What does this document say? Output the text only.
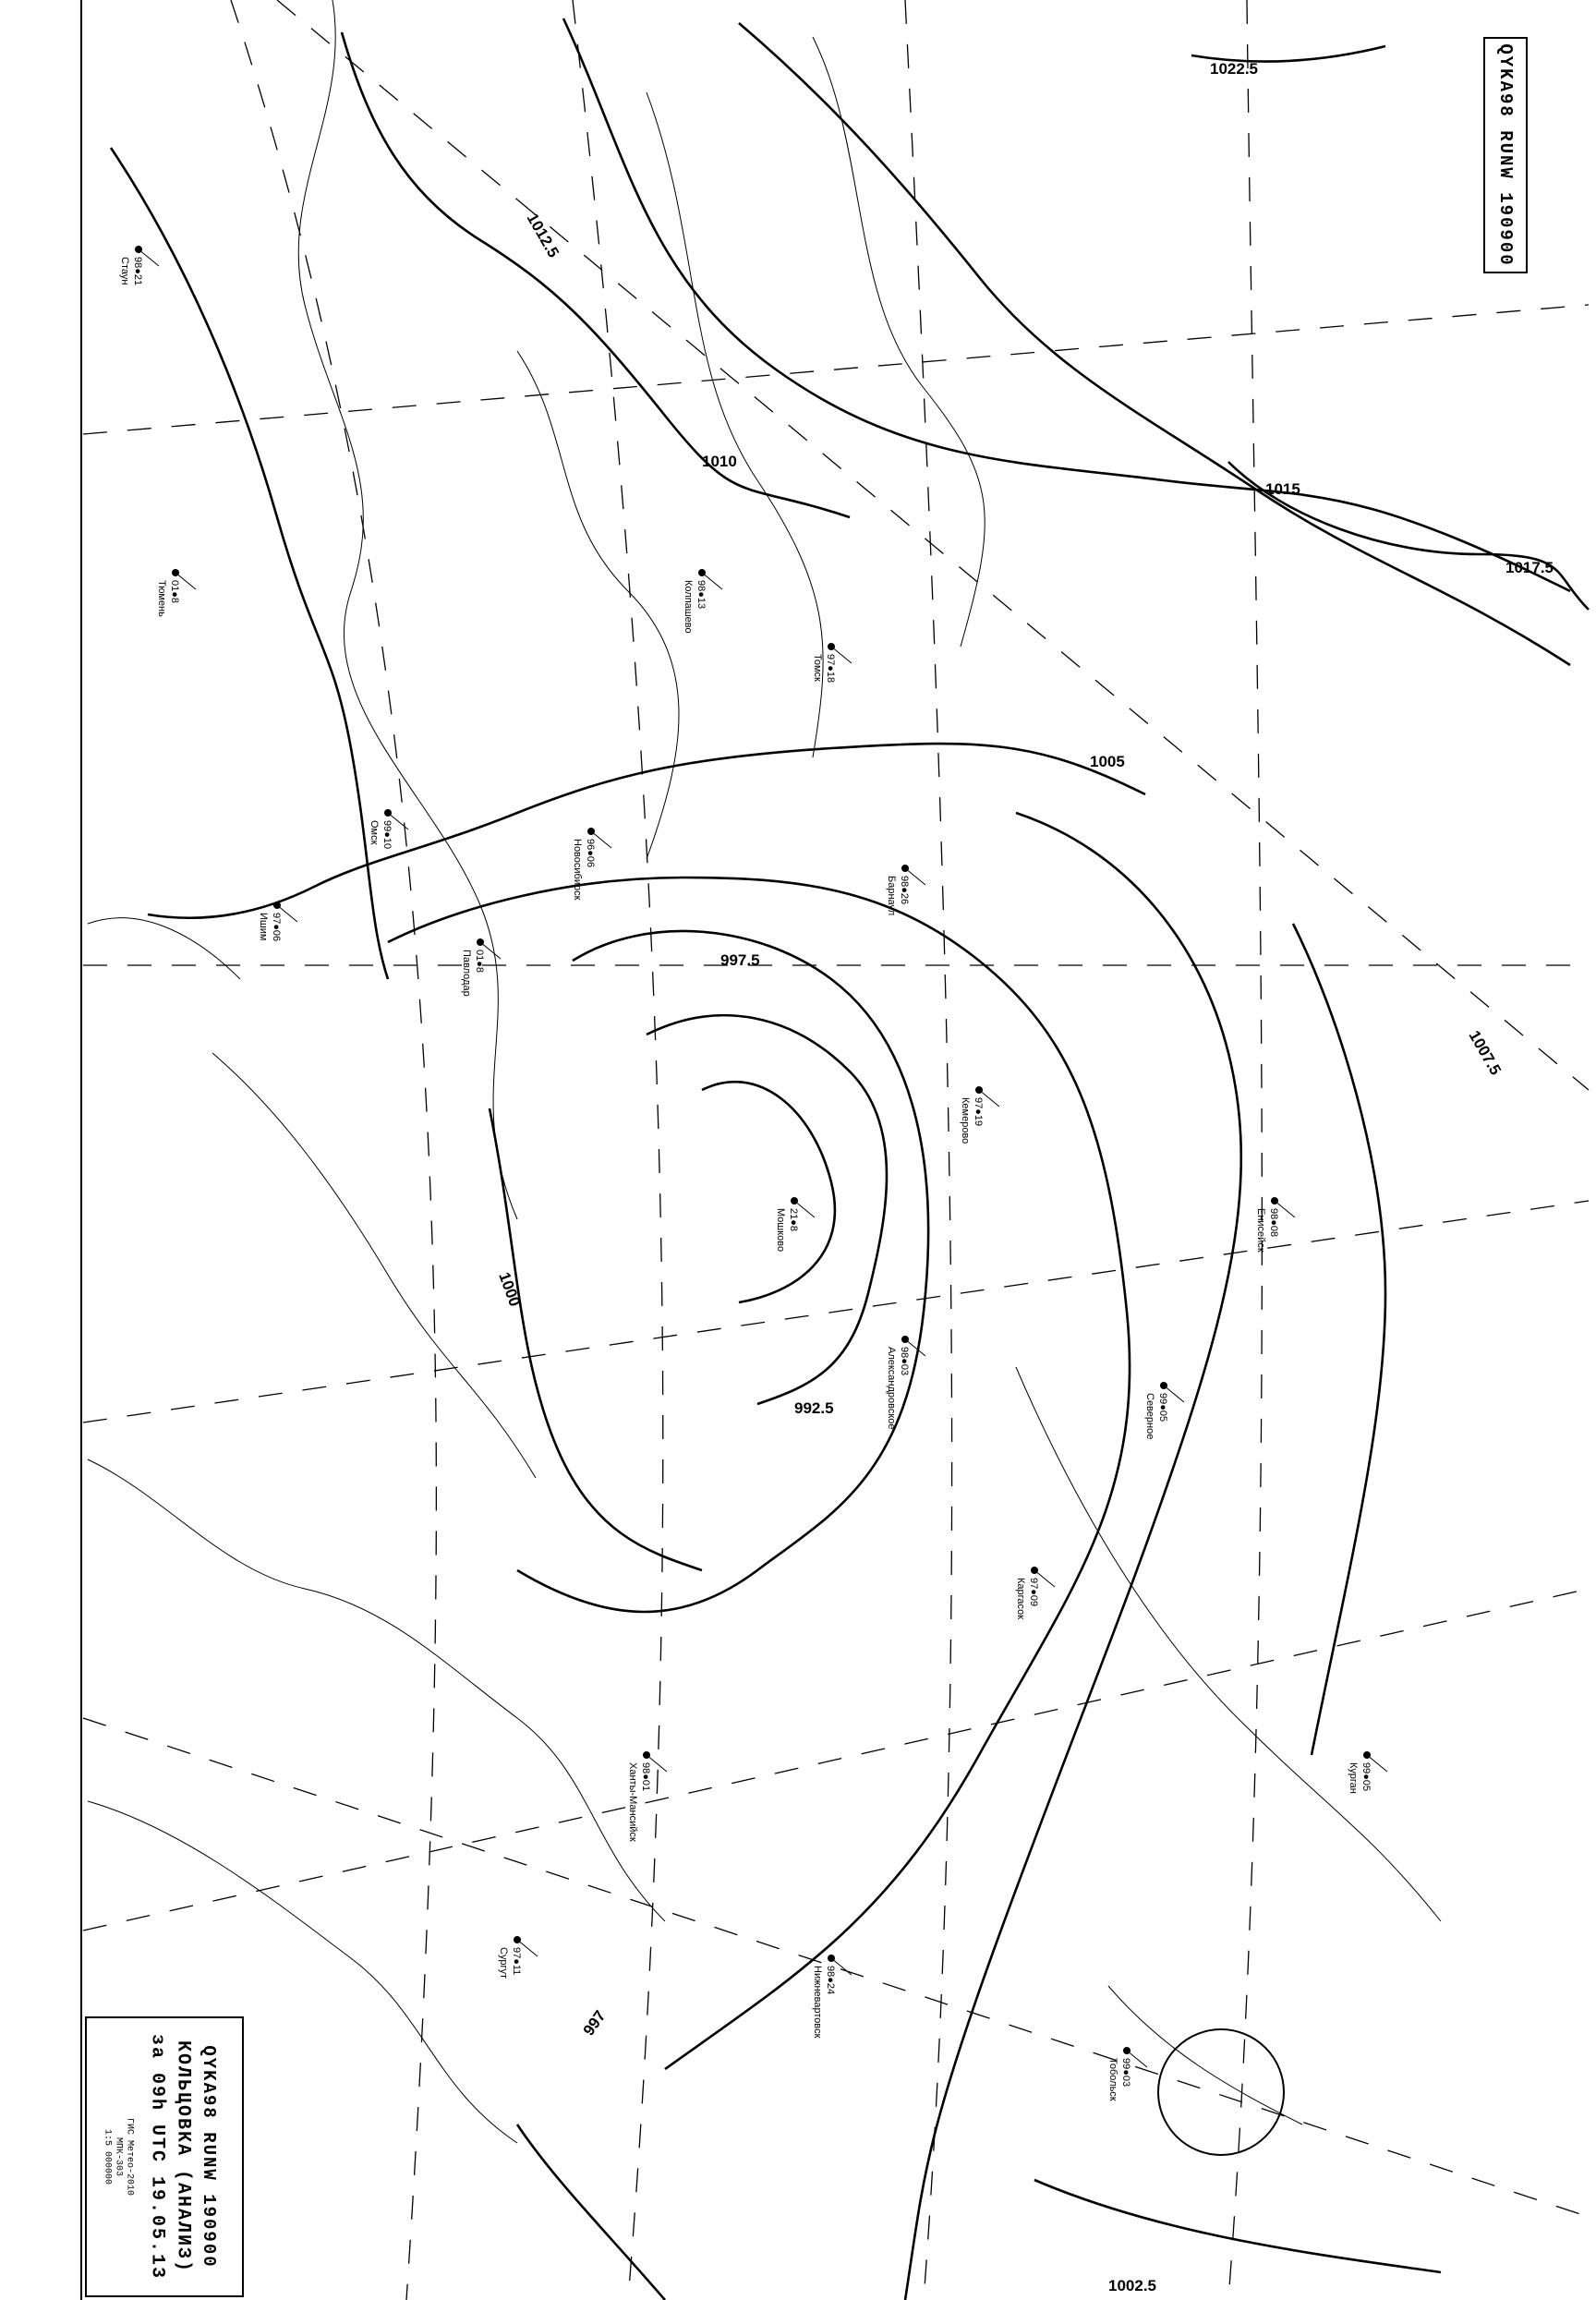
1022.5
1012.5
1010
1015
1017.5
1005
1007.5
1002.5
997.5
992.5
997
1000
98●21
Стаун
01●8
Тюмень
97●06
Ишим
99●10
Омск
01●8
Павлодар
96●06
Новосибирск
98●13
Колпашево
97●18
Томск
98●26
Барнаул
97●19
Кемерово
21●8
Мошково
98●03
Александровское
97●09
Каргасок
99●05
Северное
98●08
Енисейск
98●01
Ханты-Мансийск
97●11
Сургут
98●24
Нижневартовск
99●03
Тобольск
99●05
Курган
QYKA98 RUNW 190900
QYKA98 RUNW 190900
КОЛЬЦОВКА (АНАЛИЗ)
за 09h UTC 19.05.13
ГИС Метео-2010
МПК-303
1:5 000000
